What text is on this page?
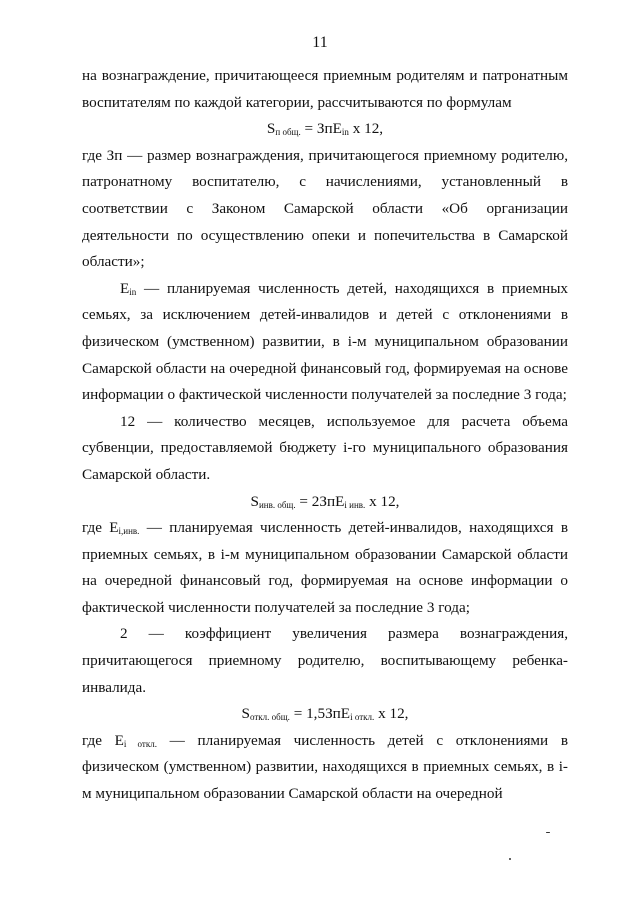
11

на вознаграждение, причитающееся приемным родителям и патронатным воспитателям по каждой категории, рассчитываются по формулам

$S_{п общ.} = ЗпE_{in}$ х 12,

где Зп — размер вознаграждения, причитающегося приемному родителю, патронатному воспитателю, с начислениями, установленный в соответствии с Законом Самарской области «Об организации деятельности по осуществлению опеки и попечительства в Самарской области»;

$E_{in}$ — планируемая численность детей, находящихся в приемных семьях, за исключением детей-инвалидов и детей с отклонениями в физическом (умственном) развитии, в i-м муниципальном образовании Самарской области на очередной финансовый год, формируемая на основе информации о фактической численности получателей за последние 3 года;

12 — количество месяцев, используемое для расчета объема субвенции, предоставляемой бюджету i-го муниципального образования Самарской области.

$S_{инв. общ.} = 2ЗпE_{i инв.}$ х 12,

где $E_{i,инв.}$ — планируемая численность детей-инвалидов, находящихся в приемных семьях, в i-м муниципальном образовании Самарской области на очередной финансовый год, формируемая на основе информации о фактической численности получателей за последние 3 года;

2 — коэффициент увеличения размера вознаграждения, причитающегося приемному родителю, воспитывающему ребенка-инвалида.

$S_{откл. общ.} = 1,5ЗпE_{i откл.}$ х 12,

где $E_{i откл.}$ — планируемая численность детей с отклонениями в физическом (умственном) развитии, находящихся в приемных семьях, в i-м муниципальном образовании Самарской области на очередной
